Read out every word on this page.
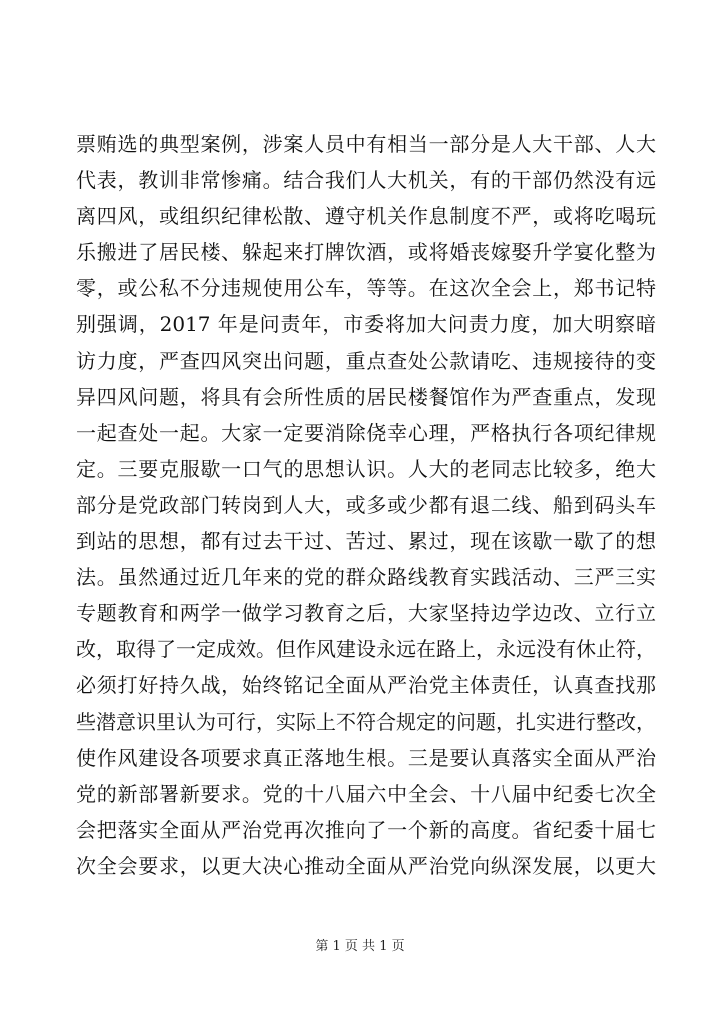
票贿选的典型案例，涉案人员中有相当一部分是人大干部、人大
代表，教训非常惨痛。结合我们人大机关，有的干部仍然没有远
离四风，或组织纪律松散、遵守机关作息制度不严，或将吃喝玩
乐搬进了居民楼、躲起来打牌饮酒，或将婚丧嫁娶升学宴化整为
零，或公私不分违规使用公车，等等。在这次全会上，郑书记特
别强调，2017 年是问责年，市委将加大问责力度，加大明察暗
访力度，严查四风突出问题，重点查处公款请吃、违规接待的变
异四风问题，将具有会所性质的居民楼餐馆作为严查重点，发现
一起查处一起。大家一定要消除侥幸心理，严格执行各项纪律规
定。三要克服歇一口气的思想认识。人大的老同志比较多，绝大
部分是党政部门转岗到人大，或多或少都有退二线、船到码头车
到站的思想，都有过去干过、苦过、累过，现在该歇一歇了的想
法。虽然通过近几年来的党的群众路线教育实践活动、三严三实
专题教育和两学一做学习教育之后，大家坚持边学边改、立行立
改，取得了一定成效。但作风建设永远在路上，永远没有休止符，
必须打好持久战，始终铭记全面从严治党主体责任，认真查找那
些潜意识里认为可行，实际上不符合规定的问题，扎实进行整改，
使作风建设各项要求真正落地生根。三是要认真落实全面从严治
党的新部署新要求。党的十八届六中全会、十八届中纪委七次全
会把落实全面从严治党再次推向了一个新的高度。省纪委十届七
次全会要求，以更大决心推动全面从严治党向纵深发展，以更大
第 1 页 共 1 页
